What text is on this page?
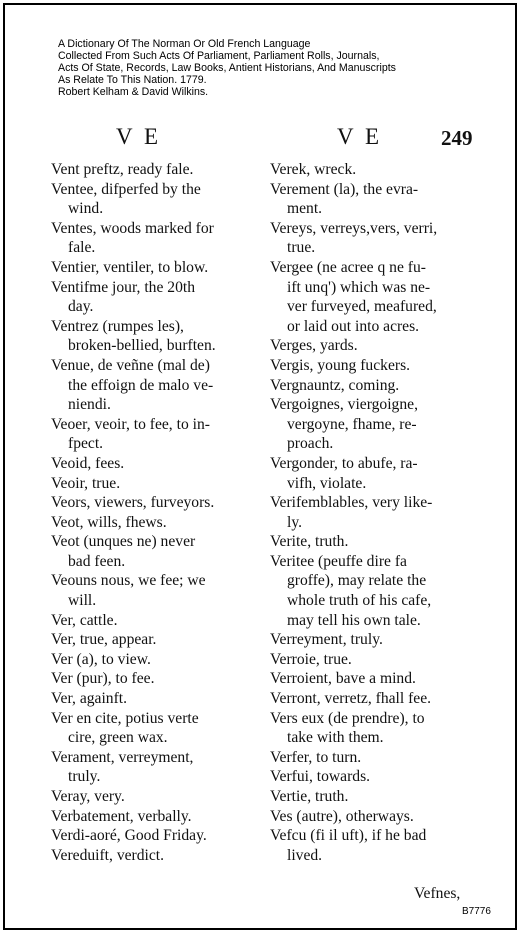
A Dictionary Of The Norman Or Old French Language
Collected From Such Acts Of Parliament, Parliament Rolls, Journals,
Acts Of State, Records, Law Books, Antient Historians, And Manuscripts
As Relate To This Nation. 1779.
Robert Kelham & David Wilkins.
V E	V E	249
Vent preftz, ready fale.
Ventee, difperfed by the
wind.
Ventes, woods marked for
fale.
Ventier, ventiler, to blow.
Ventifme jour, the 20th
day.
Ventrez (rumpes les),
broken-bellied, burften.
Venue, de veñne (mal de)
the effoign de malo ve-
niendi.
Veoer, veoir, to fee, to in-
fpect.
Veoid, fees.
Veoir, true.
Veors, viewers, furveyors.
Veot, wills, fhews.
Veot (unques ne) never
bad feen.
Veouns nous, we fee; we
will.
Ver, cattle.
Ver, true, appear.
Ver (a), to view.
Ver (pur), to fee.
Ver, againft.
Ver en cite, potius verte
cire, green wax.
Verament, verreyment,
truly.
Veray, very.
Verbatement, verbally.
Verdi-aoré, Good Friday.
Vereduift, verdict.
Verek, wreck.
Verement (la), the evra-
ment.
Vereys, verreys,vers, verri,
true.
Vergee (ne acree q ne fu-
ift unq') which was ne-
ver furveyed, meafured,
or laid out into acres.
Verges, yards.
Vergis, young fuckers.
Vergnauntz, coming.
Vergoignes, viergoigne,
vergoyne, fhame, re-
proach.
Vergonder, to abufe, ra-
vifh, violate.
Verifemblables, very like-
ly.
Verite, truth.
Veritee (peuffe dire fa
groffe), may relate the
whole truth of his cafe,
may tell his own tale.
Verreyment, truly.
Verroie, true.
Verroient, bave a mind.
Verront, verretz, fhall fee.
Vers eux (de prendre), to
take with them.
Verfer, to turn.
Verfui, towards.
Vertie, truth.
Ves (autre), otherways.
Vefcu (fi il uft), if he bad
lived.
Vefnes,
B7776
